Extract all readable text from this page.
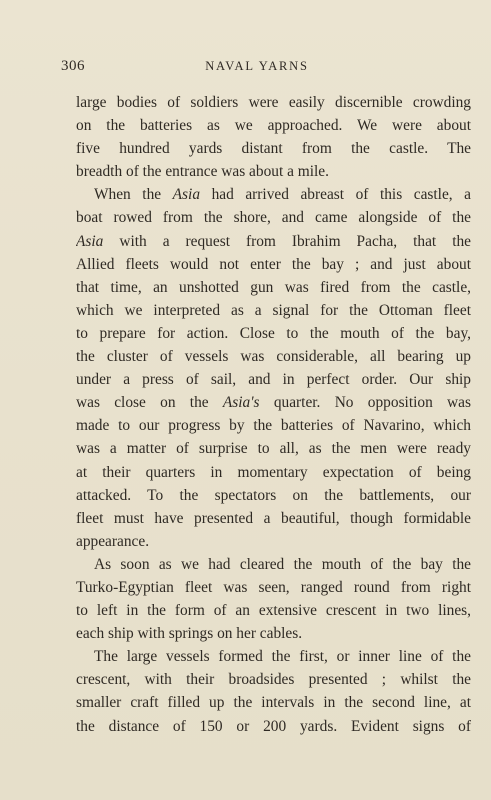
306	NAVAL YARNS
large bodies of soldiers were easily discernible crowding
on the batteries as we approached. We were about
five hundred yards distant from the castle. The
breadth of the entrance was about a mile.
When the Asia had arrived abreast of this castle, a
boat rowed from the shore, and came alongside of the
Asia with a request from Ibrahim Pacha, that the
Allied fleets would not enter the bay ; and just about
that time, an unshotted gun was fired from the castle,
which we interpreted as a signal for the Ottoman fleet
to prepare for action. Close to the mouth of the bay,
the cluster of vessels was considerable, all bearing up
under a press of sail, and in perfect order. Our ship
was close on the Asia's quarter. No opposition was
made to our progress by the batteries of Navarino, which
was a matter of surprise to all, as the men were ready
at their quarters in momentary expectation of being
attacked. To the spectators on the battlements, our
fleet must have presented a beautiful, though formidable
appearance.
As soon as we had cleared the mouth of the bay the
Turko-Egyptian fleet was seen, ranged round from right
to left in the form of an extensive crescent in two lines,
each ship with springs on her cables.
The large vessels formed the first, or inner line of the
crescent, with their broadsides presented ; whilst the
smaller craft filled up the intervals in the second line, at
the distance of 150 or 200 yards. Evident signs of
